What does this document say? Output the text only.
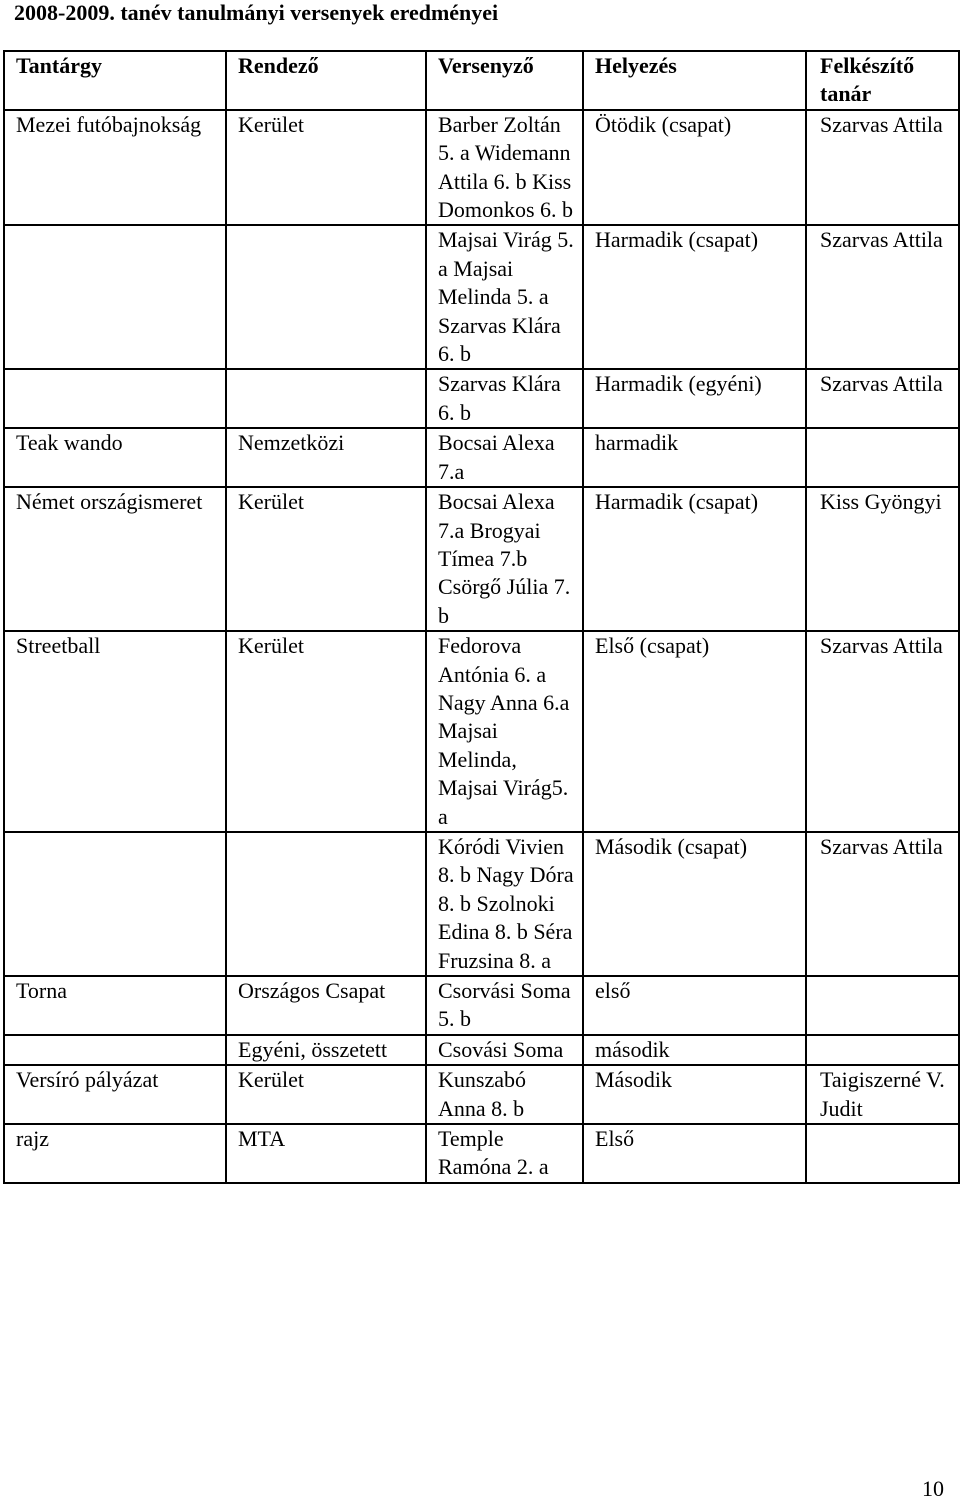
2008-2009. tanév tanulmányi versenyek eredményei
Tantárgy	Rendező	Versenyző	Helyezés	Felkészítő tanár
Mezei futóbajnokság	Kerület	Barber Zoltán 5. a Widemann Attila 6. b Kiss Domonkos 6. b	Ötödik (csapat)	Szarvas Attila
		Majsai Virág 5. a Majsai Melinda 5. a Szarvas Klára 6. b	Harmadik (csapat)	Szarvas Attila
		Szarvas Klára 6. b	Harmadik (egyéni)	Szarvas Attila
Teak wando	Nemzetközi	Bocsai Alexa 7.a	harmadik	
Német országismeret	Kerület	Bocsai Alexa 7.a Brogyai Tímea 7.b Csörgő Júlia 7. b	Harmadik (csapat)	Kiss Gyöngyi
Streetball	Kerület	Fedorova Antónia 6. a Nagy Anna 6.a Majsai Melinda, Majsai Virág5. a	Első (csapat)	Szarvas Attila
		Kóródi Vivien 8. b Nagy Dóra 8. b Szolnoki Edina 8. b Séra Fruzsina 8. a	Második (csapat)	Szarvas Attila
Torna	Országos Csapat	Csorvási Soma 5. b	első	
	Egyéni, összetett	Csovási Soma	második	
Versíró pályázat	Kerület	Kunszabó Anna 8. b	Második	Taigiszerné V. Judit
rajz	MTA	Temple Ramóna 2. a	Első	
10
